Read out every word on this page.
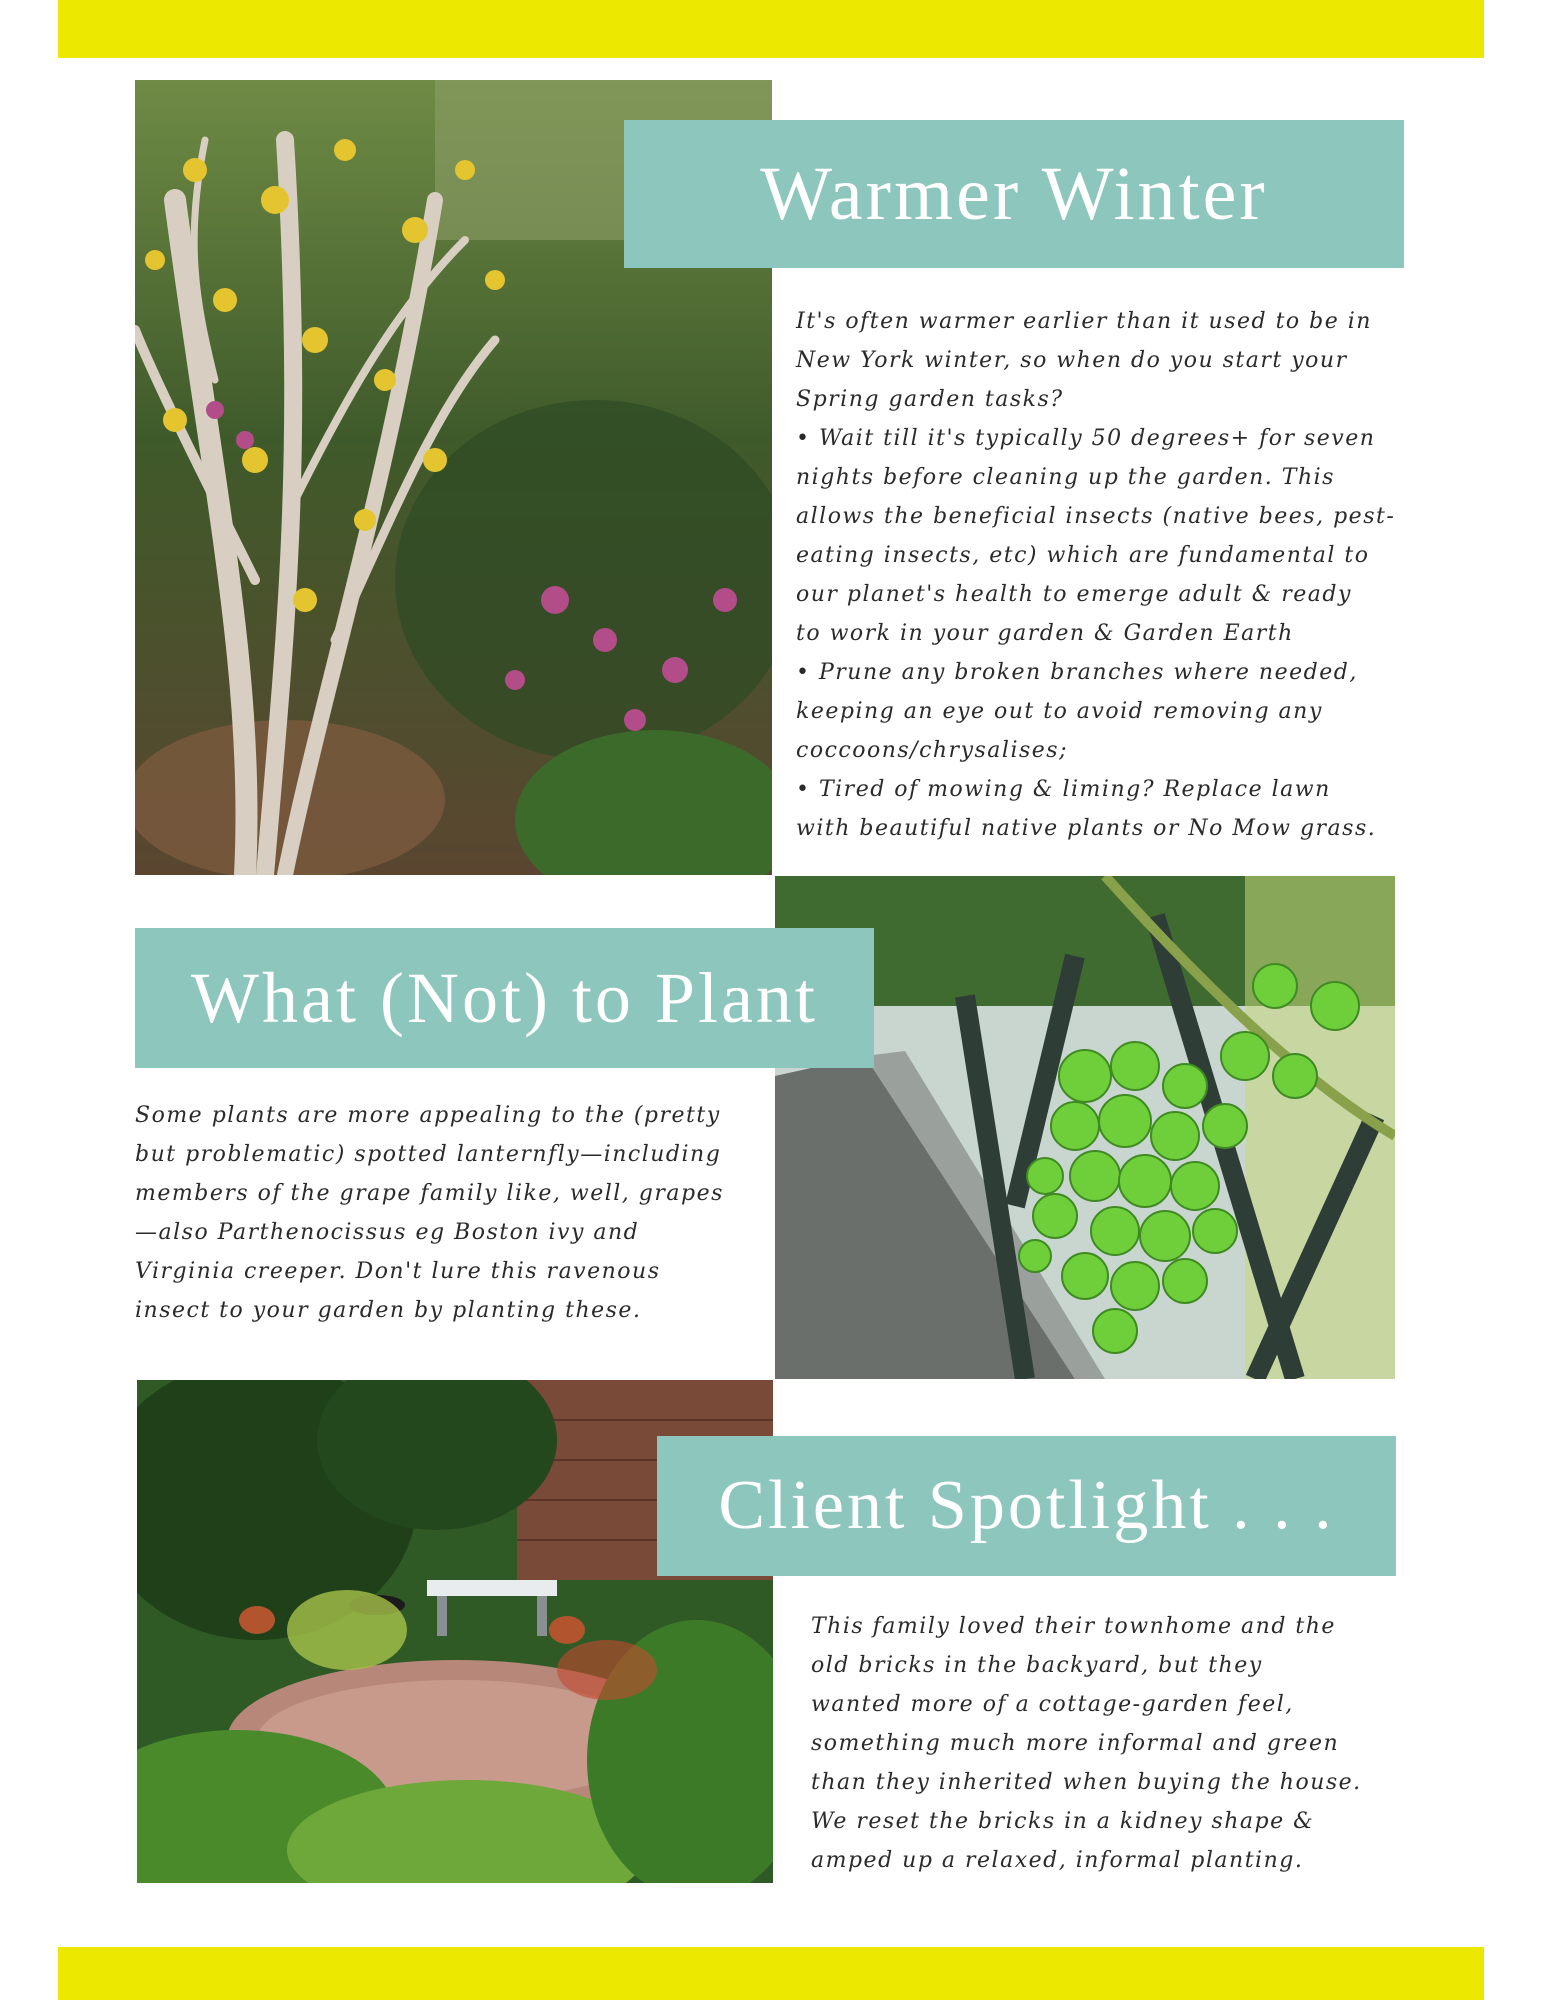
Warmer Winter
It's often warmer earlier than it used to be in
New York winter, so when do you start your
Spring garden tasks?
• Wait till it's typically 50 degrees+ for seven
nights before cleaning up the garden. This
allows the beneficial insects (native bees, pest-
eating insects, etc) which are fundamental to
our planet's health to emerge adult & ready
to work in your garden & Garden Earth
• Prune any broken branches where needed,
keeping an eye out to avoid removing any
coccoons/chrysalises;
• Tired of mowing & liming? Replace lawn
with beautiful native plants or No Mow grass.
What (Not) to Plant
Some plants are more appealing to the (pretty
but problematic) spotted lanternfly—including
members of the grape family like, well, grapes
—also Parthenocissus eg Boston ivy and
Virginia creeper. Don't lure this ravenous
insect to your garden by planting these.
Client Spotlight . . .
This family loved their townhome and the
old bricks in the backyard, but they
wanted more of a cottage-garden feel,
something much more informal and green
than they inherited when buying the house.
We reset the bricks in a kidney shape &
amped up a relaxed, informal planting.
